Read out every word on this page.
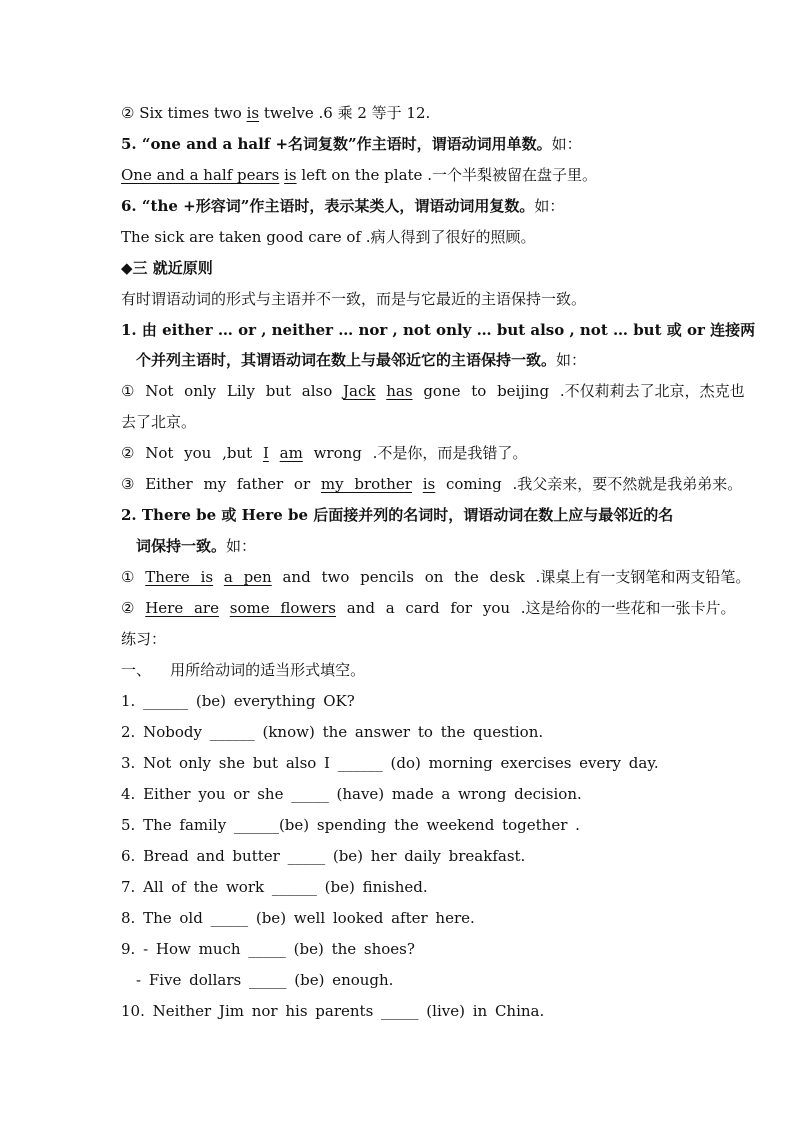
② Six times two is twelve .6 乘 2 等于 12.
5. “one and a half +名词复数”作主语时，谓语动词用单数。如：
One and a half pears is left on the plate .一个半梨被留在盘子里。
6. “the +形容词”作主语时，表示某类人，谓语动词用复数。如：
The sick are taken good care of .病人得到了很好的照顾。
◆三 就近原则
有时谓语动词的形式与主语并不一致，而是与它最近的主语保持一致。
1. 由 either … or , neither … nor , not only … but also , not … but 或 or 连接两
个并列主语时，其谓语动词在数上与最邻近它的主语保持一致。如：
① Not only Lily but also Jack has gone to beijing .不仅莉莉去了北京，杰克也
去了北京。
② Not you ,but I am wrong .不是你，而是我错了。
③ Either my father or my brother is coming .我父亲来，要不然就是我弟弟来。
2. There be 或 Here be 后面接并列的名词时，谓语动词在数上应与最邻近的名
词保持一致。如：
① There is a pen and two pencils on the desk .课桌上有一支钢笔和两支铅笔。
② Here are some flowers and a card for you .这是给你的一些花和一张卡片。
练习：
一、    用所给动词的适当形式填空。
1. ______ (be) everything OK?
2. Nobody ______ (know) the answer to the question.
3. Not only she but also I ______ (do) morning exercises every day.
4. Either you or she _____ (have) made a wrong decision.
5. The family ______(be) spending the weekend together .
6. Bread and butter _____ (be) her daily breakfast.
7. All of the work ______ (be) finished.
8. The old _____ (be) well looked after here.
9. - How much _____ (be) the shoes?
- Five dollars _____ (be) enough.
10. Neither Jim nor his parents _____ (live) in China.
